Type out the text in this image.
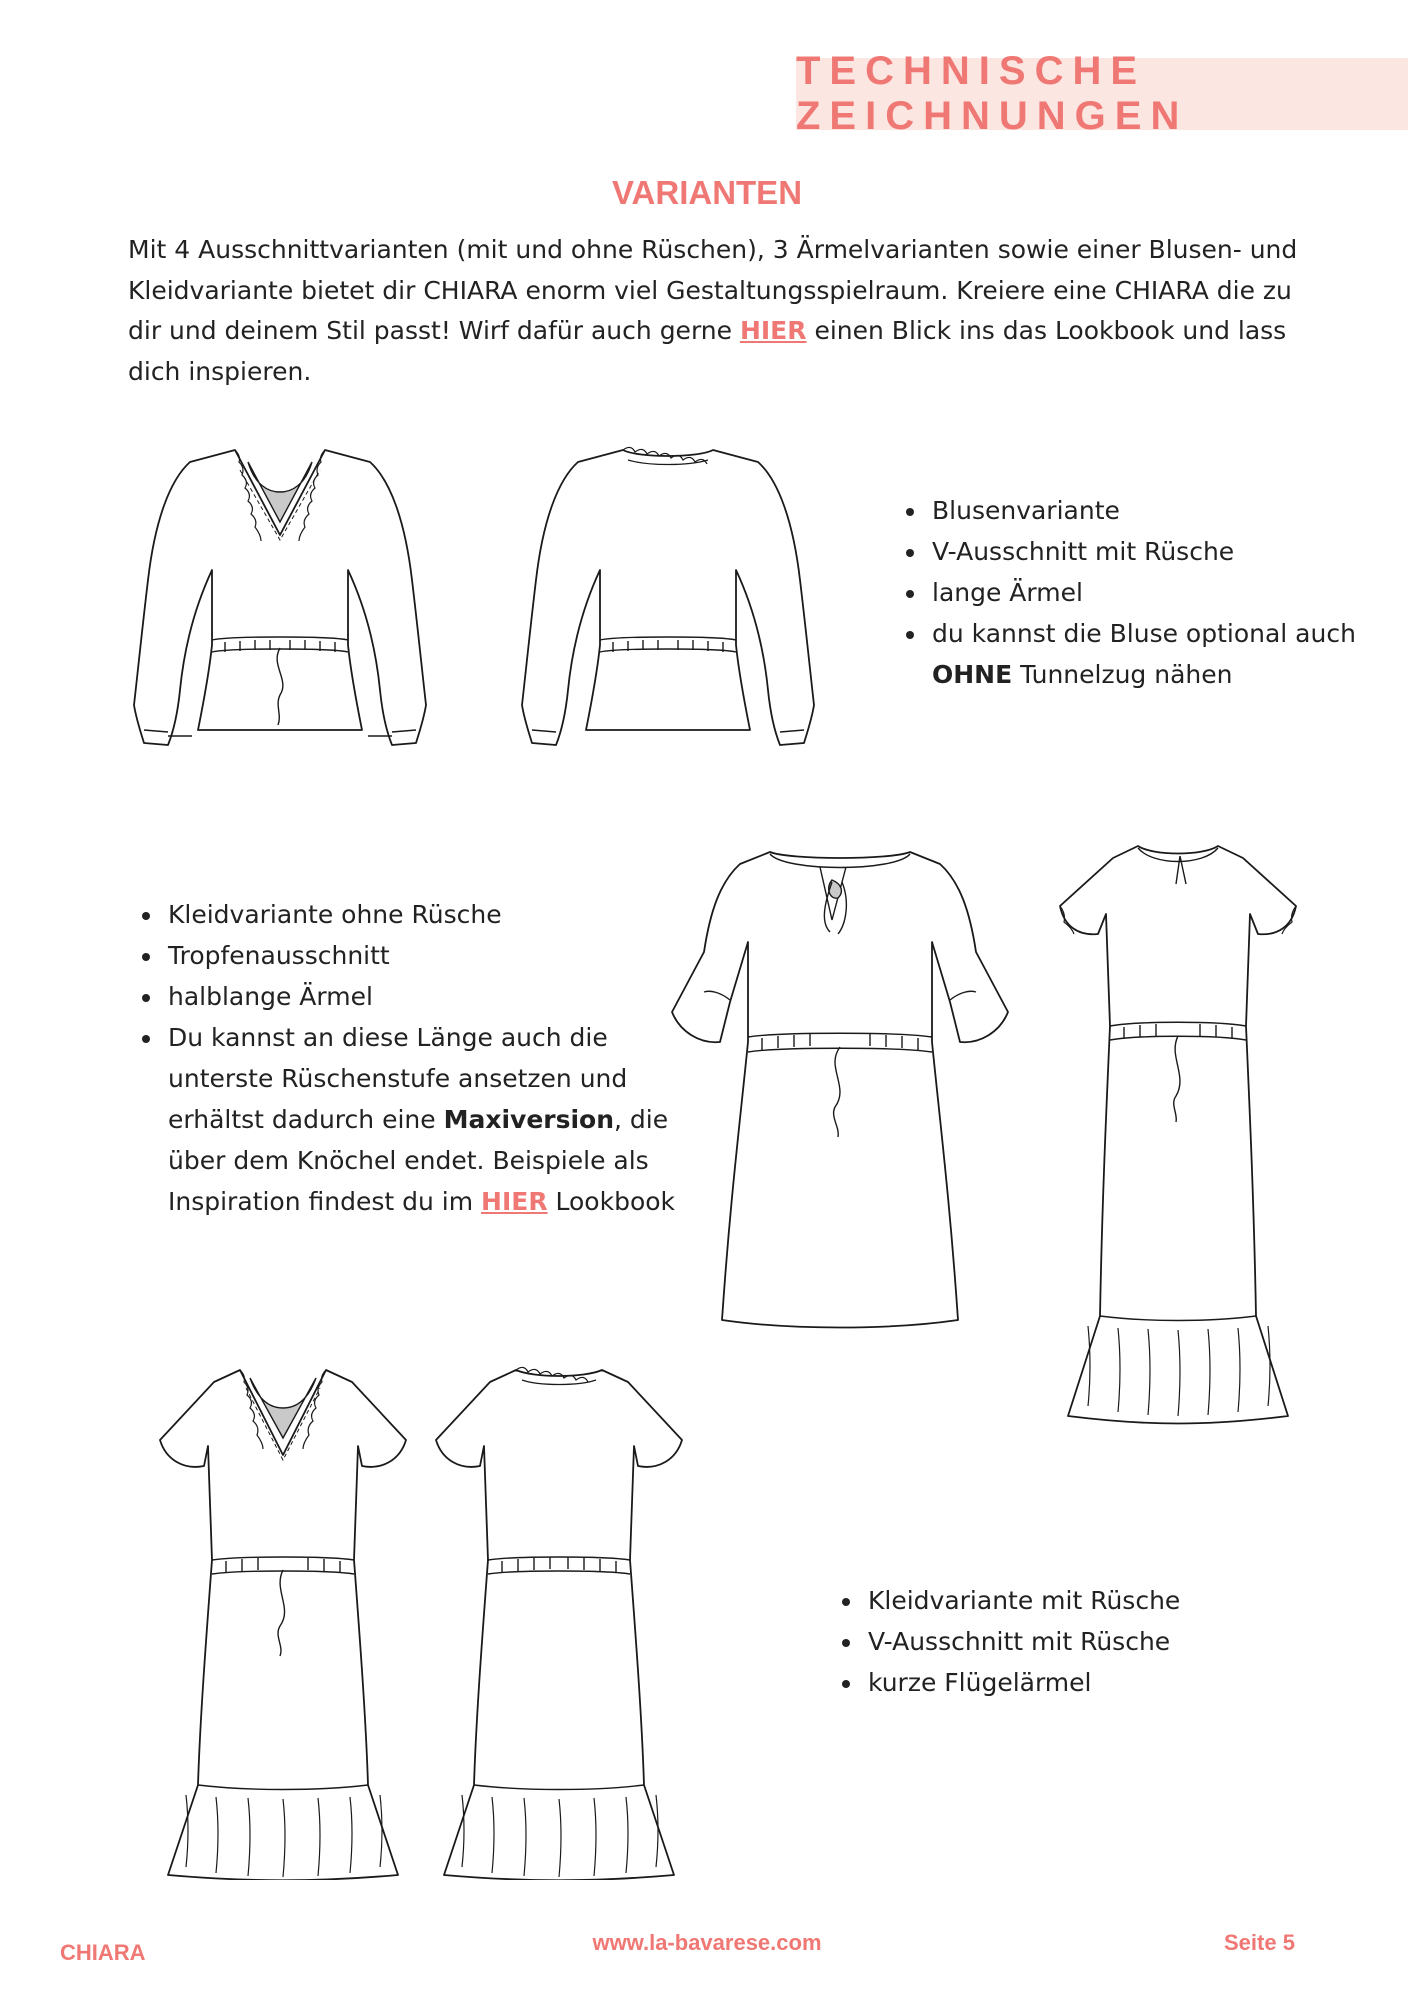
TECHNISCHE ZEICHNUNGEN
VARIANTEN
Mit 4 Ausschnittvarianten (mit und ohne Rüschen), 3 Ärmelvarianten sowie einer Blusen- und Kleidvariante bietet dir CHIARA enorm viel Gestaltungsspielraum. Kreiere eine CHIARA die zu dir und deinem Stil passt! Wirf dafür auch gerne HIER einen Blick ins das Lookbook und lass dich inspieren.
• Blusenvariante
• V-Ausschnitt mit Rüsche
• lange Ärmel
• du kannst die Bluse optional auch OHNE Tunnelzug nähen
• Kleidvariante ohne Rüsche
• Tropfenausschnitt
• halblange Ärmel
• Du kannst an diese Länge auch die unterste Rüschenstufe ansetzen und erhältst dadurch eine Maxiversion, die über dem Knöchel endet. Beispiele als Inspiration findest du im HIER Lookbook
• Kleidvariante mit Rüsche
• V-Ausschnitt mit Rüsche
• kurze Flügelärmel
CHIARA	www.la-bavarese.com	Seite 5
